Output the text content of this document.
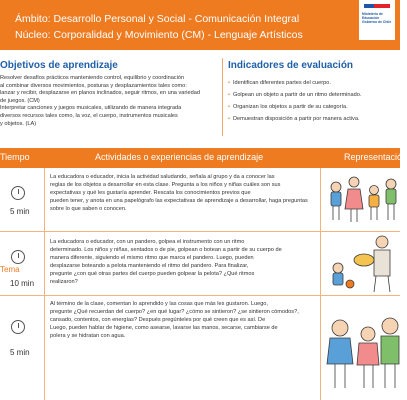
Ámbito: Desarrollo Personal y Social - Comunicación Integral
Núcleo: Corporalidad y Movimiento (CM) - Lenguaje Artísticos
Ministerio de Educación Gobierno de Chile
Objetivos de aprendizaje
Resolver desafíos prácticos manteniendo control, equilibrio y coordinación
al combinar diversos movimientos, posturas y desplazamientos tales como:
lanzar y recibir, desplazarse en planos inclinados, seguir ritmos, en una variedad
de juegos. (CM)
Interpretar canciones y juegos musicales, utilizando de manera integrada
diversos recursos tales como, la voz, el cuerpo, instrumentos musicales
y objetos. (LA)
Indicadores de evaluación
• Identifican diferentes partes del cuerpo.
• Golpean un objeto a partir de un ritmo determinado.
• Organizan los objetos a partir de su categoría.
• Demuestran disposición a partir por manera activa.
Tiempo	Actividades o experiencias de aprendizaje	Representación
5 min
La educadora o educador, inicia la actividad saludando, señala al grupo y da a conocer las
reglas de los objetos a desarrollar en esta clase. Pregunta a los niños y niñas cuáles son sus
expectativas y qué les gustaría aprender. Rescata los conocimientos previos que
pueden tener, y anota en una papelógrafo las expectativas de aprendizaje a desarrollar, haga preguntas
sobre lo que saben o conocen.
Tema
10 min
La educadora o educador, con un pandero, golpea el instrumento con un ritmo
determinado. Los niños y niñas, sentados o de pie, golpean o botean a partir de su cuerpo de
manera diferente, siguiendo el mismo ritmo que marca el pandero. Luego, pueden
desplazarse boteando a pelota manteniendo el ritmo del pandero. Para finalizar,
pregunte ¿con qué otras partes del cuerpo pueden golpear la pelota? ¿Qué ritmos
realizaron?
5 min
Al término de la clase, comentan lo aprendido y las cosas que más les gustaron. Luego,
pregunte ¿Qué recuerdan del cuerpo? ¿en qué lugar? ¿cómo se sintieron? ¿se sintieron cómodos?,
cansado, contentos, con energías? Después pregúnteles por qué creen que es así. De
Luego, pueden hablar de higiene, como asearse, lavarse las manos, secarse, cambiarse de
polera y se hidratan con agua.
